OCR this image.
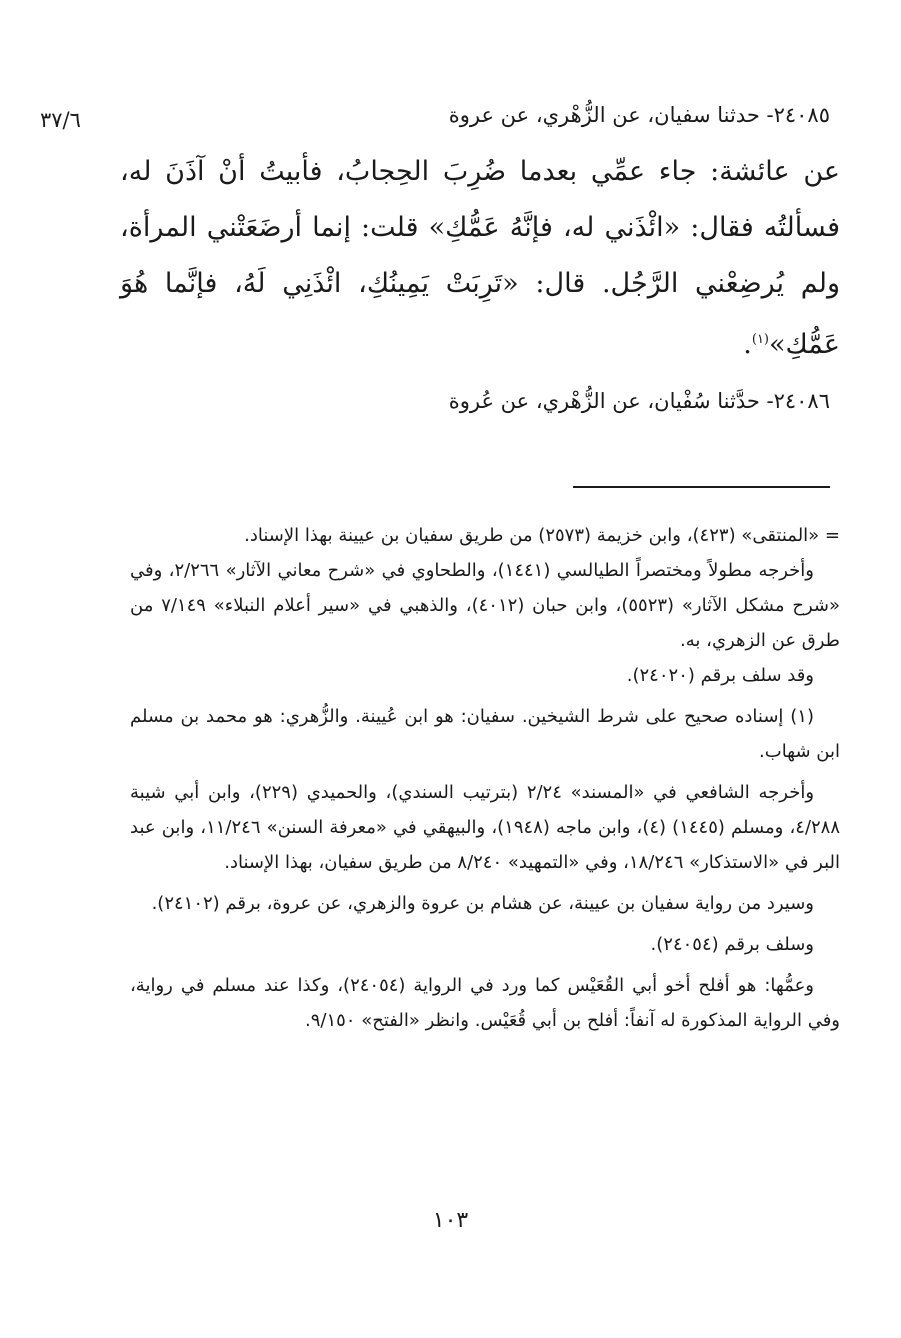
٣٧/٦	٢٤٠٨٥- حدثنا سفيان، عن الزُّهْري، عن عروة
عن عائشة: جاء عمِّي بعدما ضُرِبَ الحِجابُ، فأبيتُ أنْ آذَنَ له، فسألتُه فقال: «ائْذَني له، فإنَّهُ عَمُّكِ» قلت: إنما أرضَعَتْني المرأة، ولم يُرضِعْني الرَّجُل. قال: «تَرِبَتْ يَمِينُكِ، ائْذَنِي لَهُ، فإنَّما هُوَ عَمُّكِ»$^{(١)}$.
٢٤٠٨٦- حدَّثنا سُفْيان، عن الزُّهْري، عن عُروة

= «المنتقى» (٤٢٣)، وابن خزيمة (٢٥٧٣) من طريق سفيان بن عيينة بهذا الإسناد.

وأخرجه مطولاً ومختصراً الطيالسي (١٤٤١)، والطحاوي في «شرح معاني الآثار» ٢/٢٦٦، وفي «شرح مشكل الآثار» (٥٥٢٣)، وابن حبان (٤٠١٢)، والذهبي في «سير أعلام النبلاء» ٧/١٤٩ من طرق عن الزهري، به.

وقد سلف برقم (٢٤٠٢٠).

(١) إسناده صحيح على شرط الشيخين. سفيان: هو ابن عُيينة. والزُّهري: هو محمد بن مسلم ابن شهاب.

وأخرجه الشافعي في «المسند» ٢/٢٤ (بترتيب السندي)، والحميدي (٢٢٩)، وابن أبي شيبة ٤/٢٨٨، ومسلم (١٤٤٥) (٤)، وابن ماجه (١٩٤٨)، والبيهقي في «معرفة السنن» ١١/٢٤٦، وابن عبد البر في «الاستذكار» ١٨/٢٤٦، وفي «التمهيد» ٨/٢٤٠ من طريق سفيان، بهذا الإسناد.

وسيرد من رواية سفيان بن عيينة، عن هشام بن عروة والزهري، عن عروة، برقم (٢٤١٠٢).

وسلف برقم (٢٤٠٥٤).

وعمُّها: هو أفلح أخو أبي القُعَيْس كما ورد في الرواية (٢٤٠٥٤)، وكذا عند مسلم في رواية، وفي الرواية المذكورة له آنفاً: أفلح بن أبي قُعَيْس. وانظر «الفتح» ٩/١٥٠.

١٠٣
